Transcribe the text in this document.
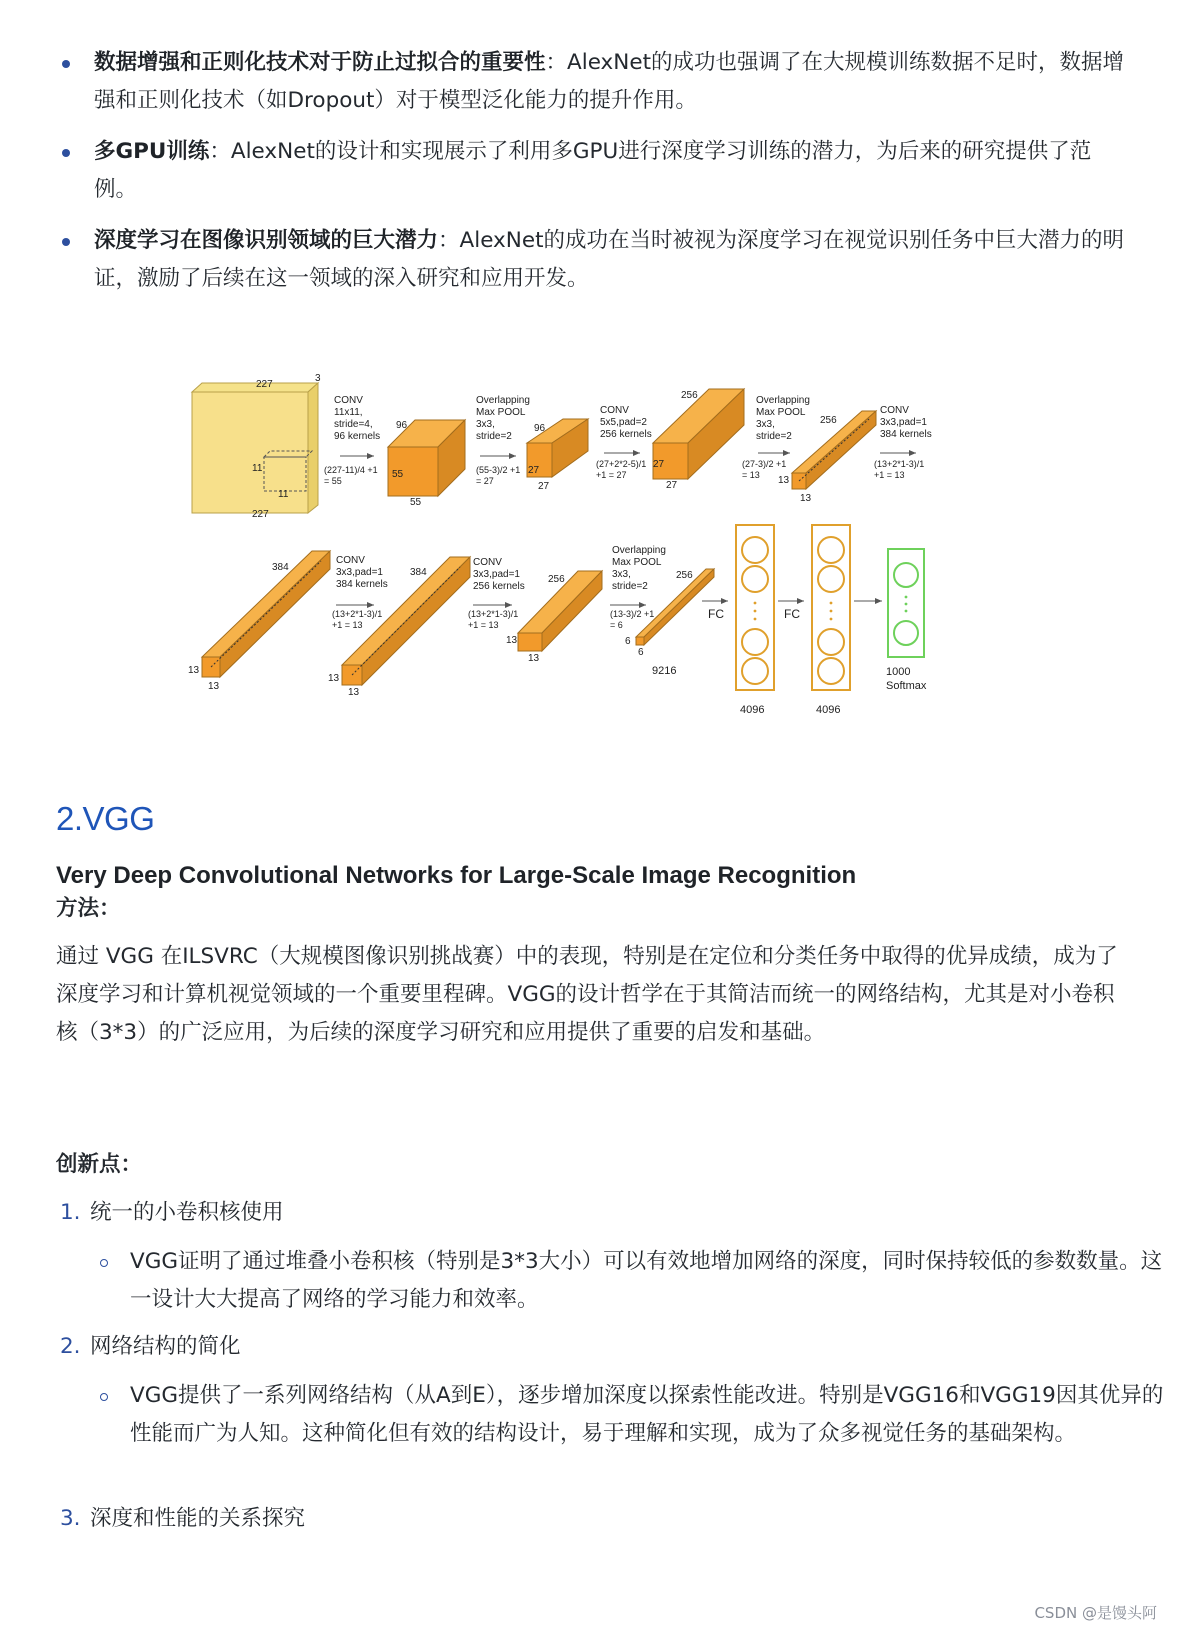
数据增强和正则化技术对于防止过拟合的重要性：AlexNet的成功也强调了在大规模训练数据不足时，数据增强和正则化技术（如Dropout）对于模型泛化能力的提升作用。
多GPU训练：AlexNet的设计和实现展示了利用多GPU进行深度学习训练的潜力，为后来的研究提供了范例。
深度学习在图像识别领域的巨大潜力：AlexNet的成功在当时被视为深度学习在视觉识别任务中巨大潜力的明证，激励了后续在这一领域的深入研究和应用开发。
227
3
227
11
11
CONV 11x11, stride=4, 96 kernels
(227-11)/4 +1 = 55
96
55
55
Overlapping Max POOL 3x3, stride=2
(55-3)/2 +1 = 27
96
27
27
CONV 5x5,pad=2 256 kernels
(27+2*2-5)/1 +1 = 27
256
27
27
Overlapping Max POOL 3x3, stride=2
(27-3)/2 +1 = 13
256
13
13
CONV 3x3,pad=1 384 kernels
(13+2*1-3)/1 +1 = 13
384
13
13
CONV 3x3,pad=1 384 kernels
(13+2*1-3)/1 +1 = 13
384
13
13
CONV 3x3,pad=1 256 kernels
(13+2*1-3)/1 +1 = 13
256
13
13
Overlapping Max POOL 3x3, stride=2
(13-3)/2 +1 = 6
256
6
6
9216
FC
4096
FC
4096
1000 Softmax
2.VGG
Very Deep Convolutional Networks for Large-Scale Image Recognition
方法：
通过 VGG 在ILSVRC（大规模图像识别挑战赛）中的表现，特别是在定位和分类任务中取得的优异成绩，成为了深度学习和计算机视觉领域的一个重要里程碑。VGG的设计哲学在于其简洁而统一的网络结构，尤其是对小卷积核（3*3）的广泛应用，为后续的深度学习研究和应用提供了重要的启发和基础。
创新点：
1. 统一的小卷积核使用
VGG证明了通过堆叠小卷积核（特别是3*3大小）可以有效地增加网络的深度，同时保持较低的参数数量。这一设计大大提高了网络的学习能力和效率。
2. 网络结构的简化
VGG提供了一系列网络结构（从A到E），逐步增加深度以探索性能改进。特别是VGG16和VGG19因其优异的性能而广为人知。这种简化但有效的结构设计，易于理解和实现，成为了众多视觉任务的基础架构。
3. 深度和性能的关系探究
CSDN @是馒头阿
